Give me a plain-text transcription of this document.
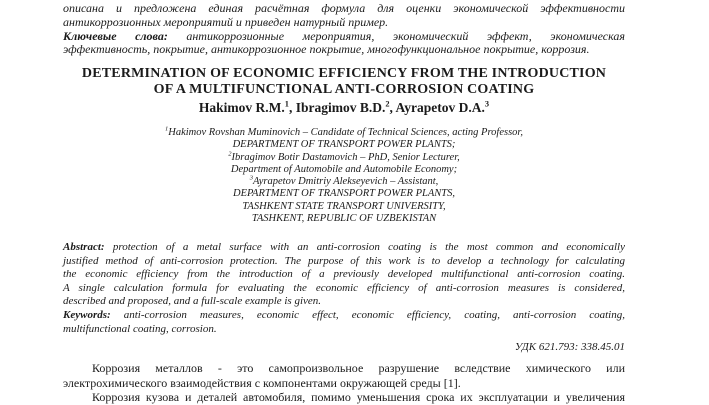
описана и предложена единая расчётная формула для оценки экономической эффективности
антикоррозионных мероприятий и приведен натурный пример.
Ключевые слова: антикоррозионные мероприятия, экономический эффект, экономическая
эффективность, покрытие, антикоррозионное покрытие, многофункциональное покрытие, коррозия.
DETERMINATION OF ECONOMIC EFFICIENCY FROM THE INTRODUCTION
OF A MULTIFUNCTIONAL ANTI-CORROSION COATING
Hakimov R.M.$^1$, Ibragimov B.D.$^2$, Ayrapetov D.A.$^3$
$^1$Hakimov Rovshan Muminovich – Candidate of Technical Sciences, acting Professor,
DEPARTMENT OF TRANSPORT POWER PLANTS;
$^2$Ibragimov Botir Dastamovich – PhD, Senior Lecturer,
Department of Automobile and Automobile Economy;
$^3$Ayrapetov Dmitriy Alekseyevich – Assistant,
DEPARTMENT OF TRANSPORT POWER PLANTS,
TASHKENT STATE TRANSPORT UNIVERSITY,
TASHKENT, REPUBLIC OF UZBEKISTAN
Abstract: protection of a metal surface with an anti-corrosion coating is the most common and economically
justified method of anti-corrosion protection. The purpose of this work is to develop a technology for calculating
the economic efficiency from the introduction of a previously developed multifunctional anti-corrosion coating.
A single calculation formula for evaluating the economic efficiency of anti-corrosion measures is considered,
described and proposed, and a full-scale example is given.
Keywords: anti-corrosion measures, economic effect, economic efficiency, coating, anti-corrosion coating,
multifunctional coating, corrosion.
УДК 621.793: 338.45.01
Коррозия металлов - это самопроизвольное разрушение вследствие химического или
электрохимического взаимодействия с компонентами окружающей среды [1].
Коррозия кузова и деталей автомобиля, помимо уменьшения срока их эксплуатации и увеличения
